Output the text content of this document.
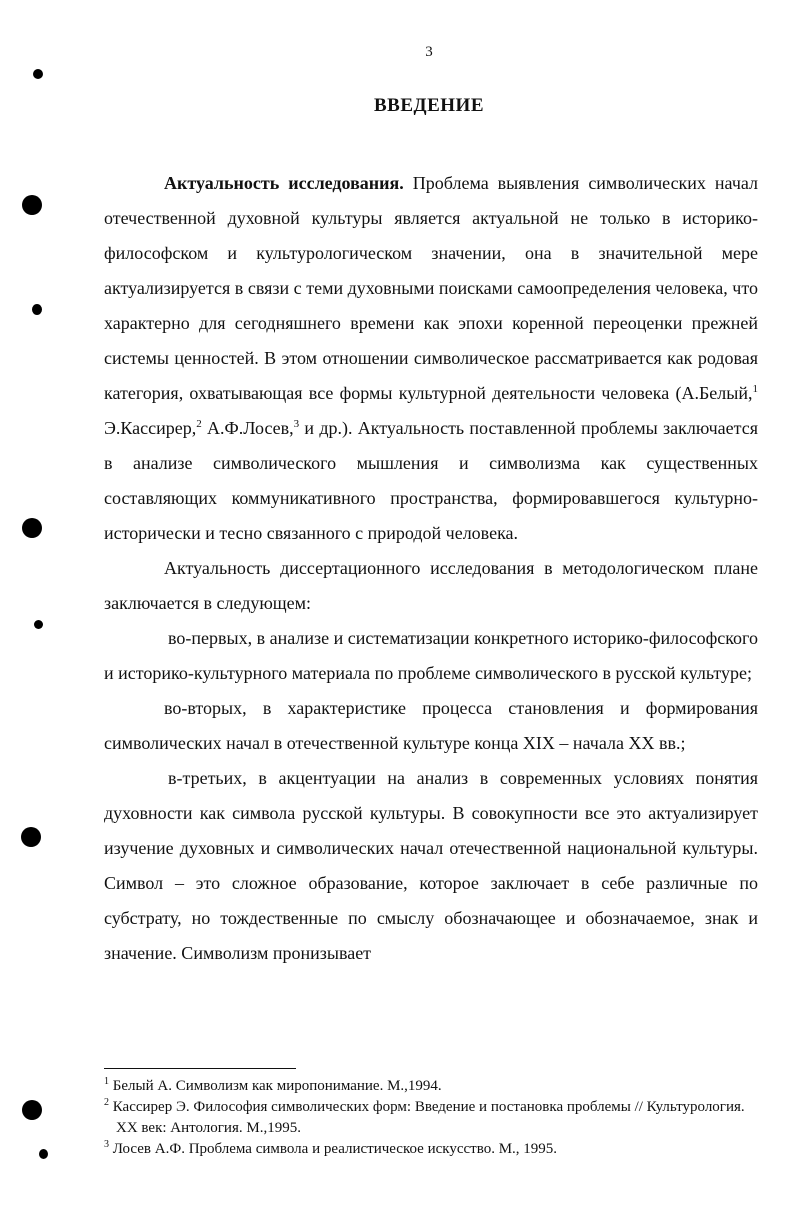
3
ВВЕДЕНИЕ

Актуальность исследования. Проблема выявления символических начал отечественной духовной культуры является актуальной не только в историко-философском и культурологическом значении, она в значительной мере актуализируется в связи с теми духовными поисками самоопределения человека, что характерно для сегодняшнего времени как эпохи коренной переоценки прежней системы ценностей. В этом отношении символическое рассматривается как родовая категория, охватывающая все формы культурной деятельности человека (А.Белый,$^1$ Э.Кассирер,$^2$ А.Ф.Лосев,$^3$ и др.). Актуальность поставленной проблемы заключается в анализе символического мышления и символизма как существенных составляющих коммуникативного пространства, формировавшегося культурно-исторически и тесно связанного с природой человека.

Актуальность диссертационного исследования в методологическом плане заключается в следующем:

во-первых, в анализе и систематизации конкретного историко-философского и историко-культурного материала по проблеме символического в русской культуре;

во-вторых, в характеристике процесса становления и формирования символических начал в отечественной культуре конца XIX – начала XX вв.;

в-третьих, в акцентуации на анализ в современных условиях понятия духовности как символа русской культуры. В совокупности все это актуализирует изучение духовных и символических начал отечественной национальной культуры. Символ – это сложное образование, которое заключает в себе различные по субстрату, но тождественные по смыслу обозначающее и обозначаемое, знак и значение. Символизм пронизывает

$^1$ Белый А. Символизм как миропонимание. М.,1994.

$^2$ Кассирер Э. Философия символических форм: Введение и постановка проблемы // Культурология. XX век: Антология. М.,1995.

$^3$ Лосев А.Ф. Проблема символа и реалистическое искусство. М., 1995.
